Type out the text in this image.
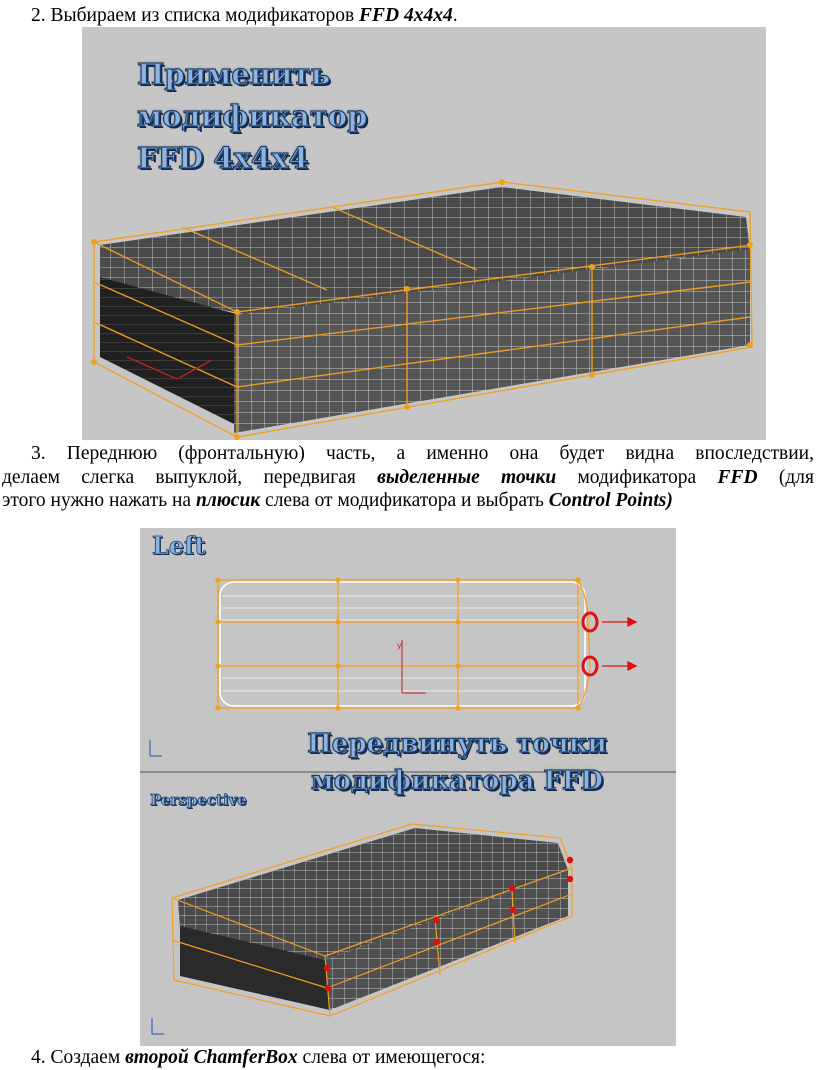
2. Выбираем из списка модификаторов FFD 4x4x4.

Применить
модификатор
FFD 4x4x4
3. Переднюю (фронтальную) часть, а именно она будет видна впоследствии,
делаем слегка выпуклой, передвигая выделенные точки модификатора FFD (для
этого нужно нажать на плюсик слева от модификатора и выбрать Control Points)
y
Left
Perspective
Передвинуть точки
модификатора FFD

4. Создаем второй ChamferBox слева от имеющегося:
